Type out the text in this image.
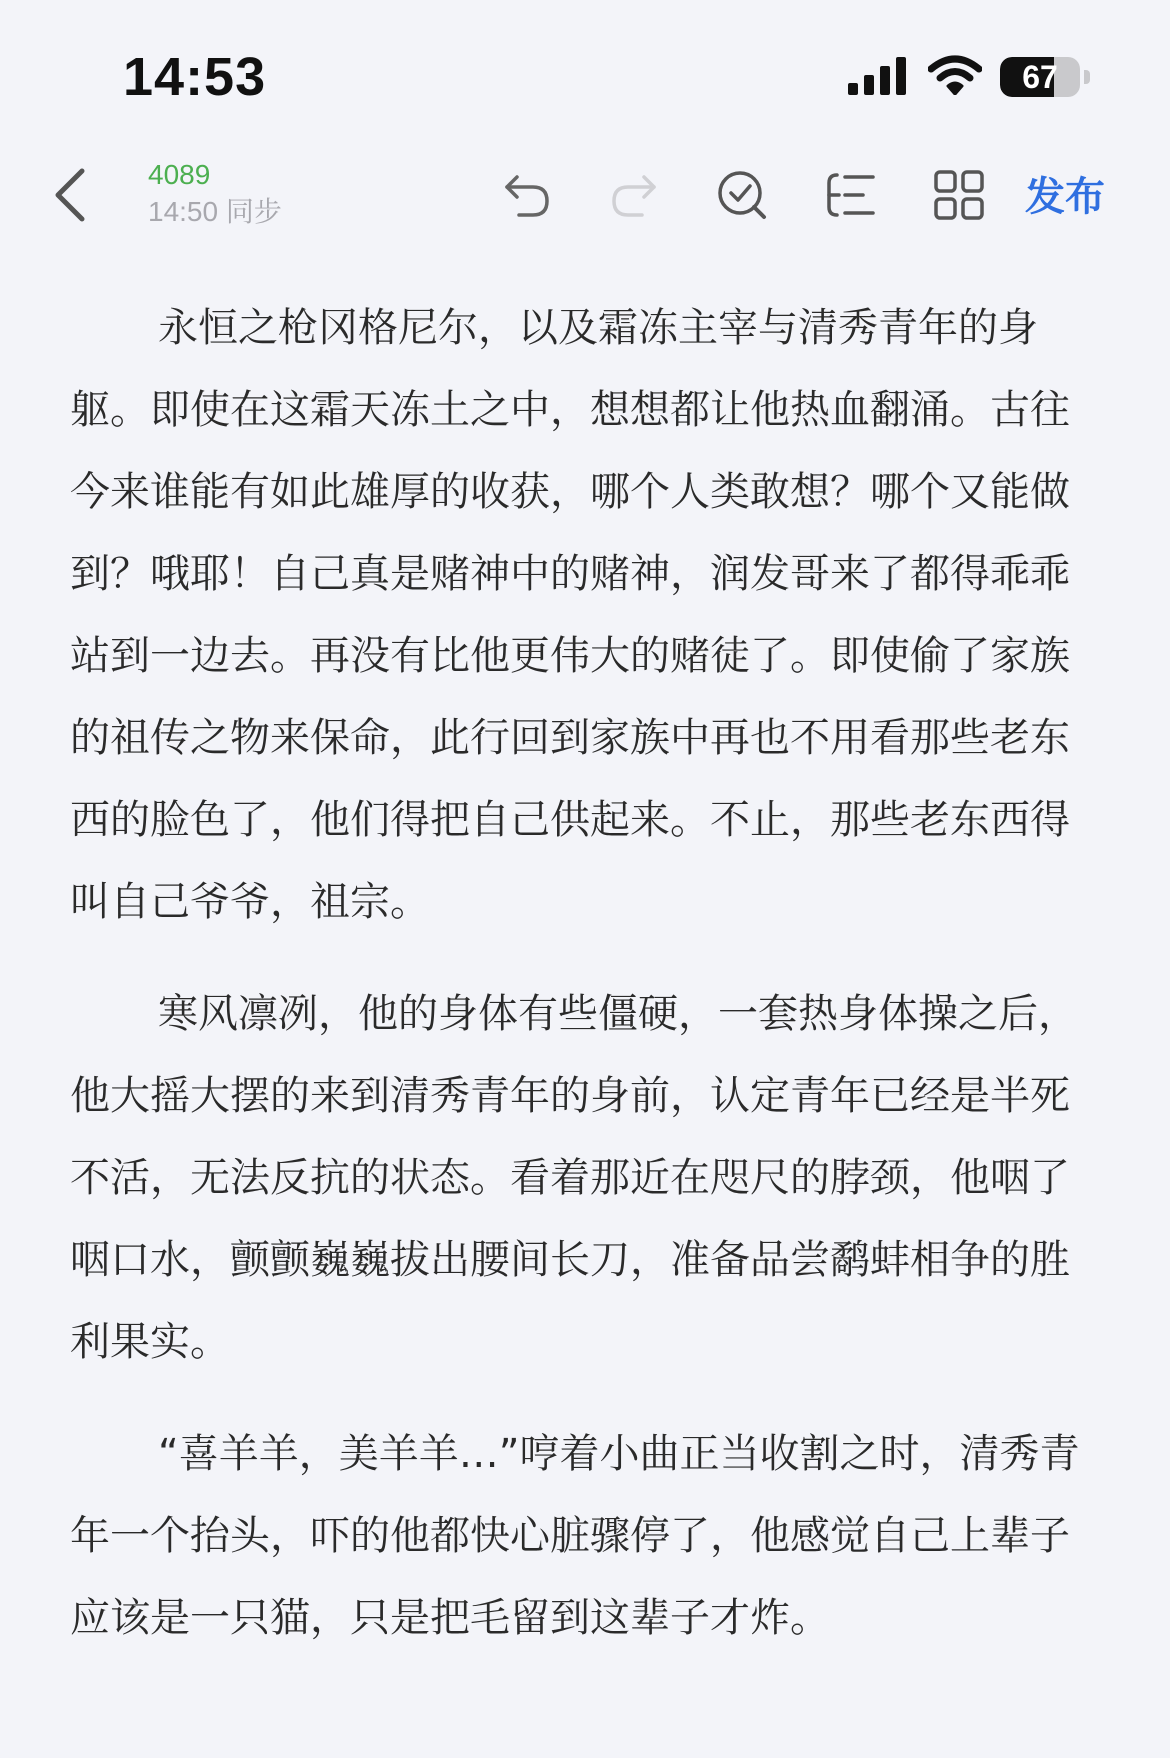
14:53	67
4089
14:50 同步	发布

永恒之枪冈格尼尔，以及霜冻主宰与清秀青年的身躯。即使在这霜天冻土之中，想想都让他热血翻涌。古往今来谁能有如此雄厚的收获，哪个人类敢想？哪个又能做到？哦耶！自己真是赌神中的赌神，润发哥来了都得乖乖站到一边去。再没有比他更伟大的赌徒了。即使偷了家族的祖传之物来保命，此行回到家族中再也不用看那些老东西的脸色了，他们得把自己供起来。不止，那些老东西得叫自己爷爷，祖宗。

寒风凛冽，他的身体有些僵硬，一套热身体操之后，他大摇大摆的来到清秀青年的身前，认定青年已经是半死不活，无法反抗的状态。看着那近在咫尺的脖颈，他咽了咽口水，颤颤巍巍拔出腰间长刀，准备品尝鹬蚌相争的胜利果实。

“喜羊羊，美羊羊…”哼着小曲正当收割之时，清秀青年一个抬头，吓的他都快心脏骤停了，他感觉自己上辈子应该是一只猫，只是把毛留到这辈子才炸。
